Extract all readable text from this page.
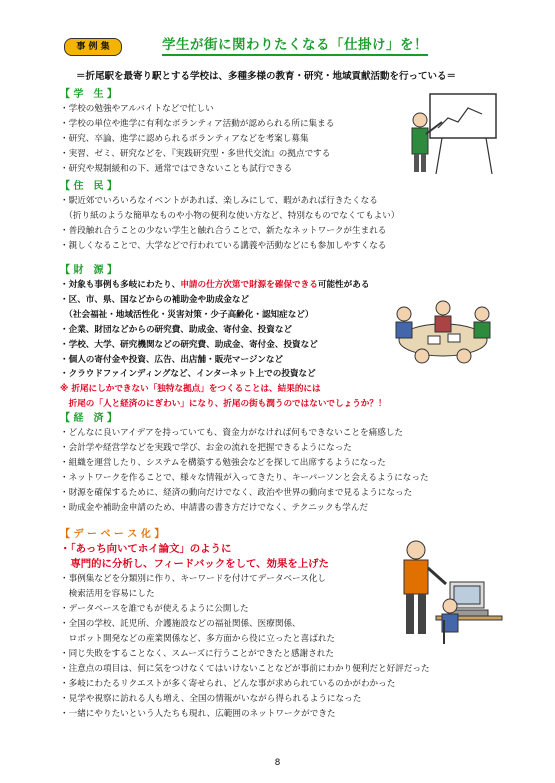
事 例 集	学生が街に関わりたくなる「仕掛け」を！
＝折尾駅を最寄り駅とする学校は、多種多様の教育・研究・地域貢献活動を行っている＝
【 学　生 】
・学校の勉強やアルバイトなどで忙しい
・学校の単位や進学に有利なボランティア活動が認められる所に集まる
・研究、卒論、進学に認められるボランティアなどを考案し募集
・実習、ゼミ、研究などを、『実践研究型・多世代交流』の拠点でする
・研究や規制緩和の下、通常ではできないことも試行できる
【 住　民 】
・駅近郊でいろいろなイベントがあれば、楽しみにして、暇があれば行きたくなる
　（折り紙のような簡単なものや小物の便利な使い方など、特別なものでなくてもよい）
・普段触れ合うことの少ない学生と触れ合うことで、新たなネットワークが生まれる
・親しくなることで、大学などで行われている講義や活動などにも参加しやすくなる
【 財　源 】
・対象も事例も多岐にわたり、申請の仕方次第で財源を確保できる可能性がある
・区、市、県、国などからの補助金や助成金など
　（社会福祉・地域活性化・災害対策・少子高齢化・認知症など）
・企業、財団などからの研究費、助成金、寄付金、投資など
・学校、大学、研究機関などの研究費、助成金、寄付金、投資など
・個人の寄付金や投資、広告、出店舗・販売マージンなど
・クラウドファインディングなど、インターネット上での投資など
※ 折尾にしかできない「独特な拠点」をつくることは、結果的には
　折尾の「人と経済のにぎわい」になり、折尾の街も潤うのではないでしょうか？！
【 経　済 】
・どんなに良いアイデアを持っていても、資金力がなければ何もできないことを痛感した
・会計学や経営学などを実践で学び、お金の流れを把握できるようになった
・組織を運営したり、システムを構築する勉強会などを探して出席するようになった
・ネットワークを作ることで、様々な情報が入ってきたり、キーパーソンと会えるようになった
・財源を確保するために、経済の動向だけでなく、政治や世界の動向まで見るようになった
・助成金や補助金申請のため、申請書の書き方だけでなく、テクニックも学んだ
【 デ ー ベ ー ス 化 】
・「あっち向いてホイ論文」のように
　専門的に分析し、フィードバックをして、効果を上げた
・事例集などを分類別に作り、キーワードを付けてデータベース化し
　検索活用を容易にした
・データベースを誰でもが使えるように公開した
・全国の学校、託児所、介護施設などの福祉関係、医療関係、
　ロボット開発などの産業関係など、多方面から役に立ったと喜ばれた
・同じ失敗をすることなく、スムーズに行うことができたと感謝された
・注意点の項目は、何に気をつけなくてはいけないことなどが事前にわかり便利だと好評だった
・多岐にわたるリクエストが多く寄せられ、どんな事が求められているのかがわかった
・見学や視察に訪れる人も増え、全国の情報がいながら得られるようになった
・一緒にやりたいという人たちも現れ、広範囲のネットワークができた
8
